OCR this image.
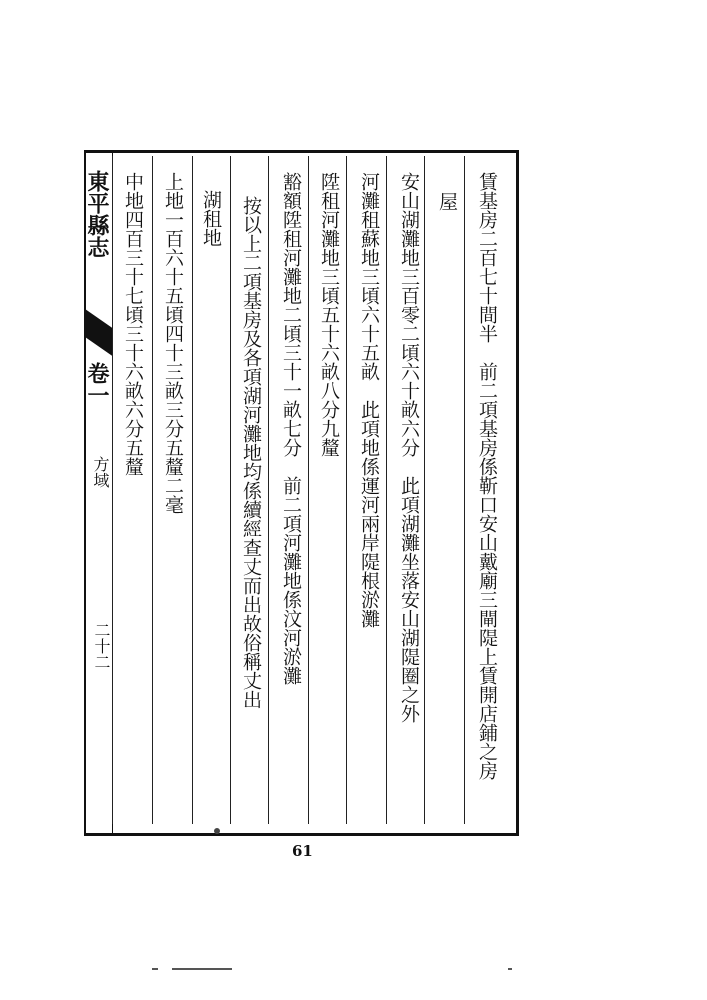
東平縣志
卷一
方域
二十二	賃基房二百七十間半　前二項基房係靳口安山戴廟三閘隄上賃開店鋪之房
屋
安山湖灘地三百零二頃六十畝六分　此項湖灘坐落安山湖隄圈之外
河灘租蘇地三頃六十五畝　此項地係運河兩岸隄根淤灘
陞租河灘地三頃五十六畝八分九釐
豁額陞租河灘地二頃三十一畝七分　前二項河灘地係汶河淤灘
按以上二項基房及各項湖河灘地均係續經查丈而出故俗稱丈出
湖租地
上地一百六十五頃四十三畝三分五釐二毫
中地四百三十七頃三十六畝六分五釐
61
